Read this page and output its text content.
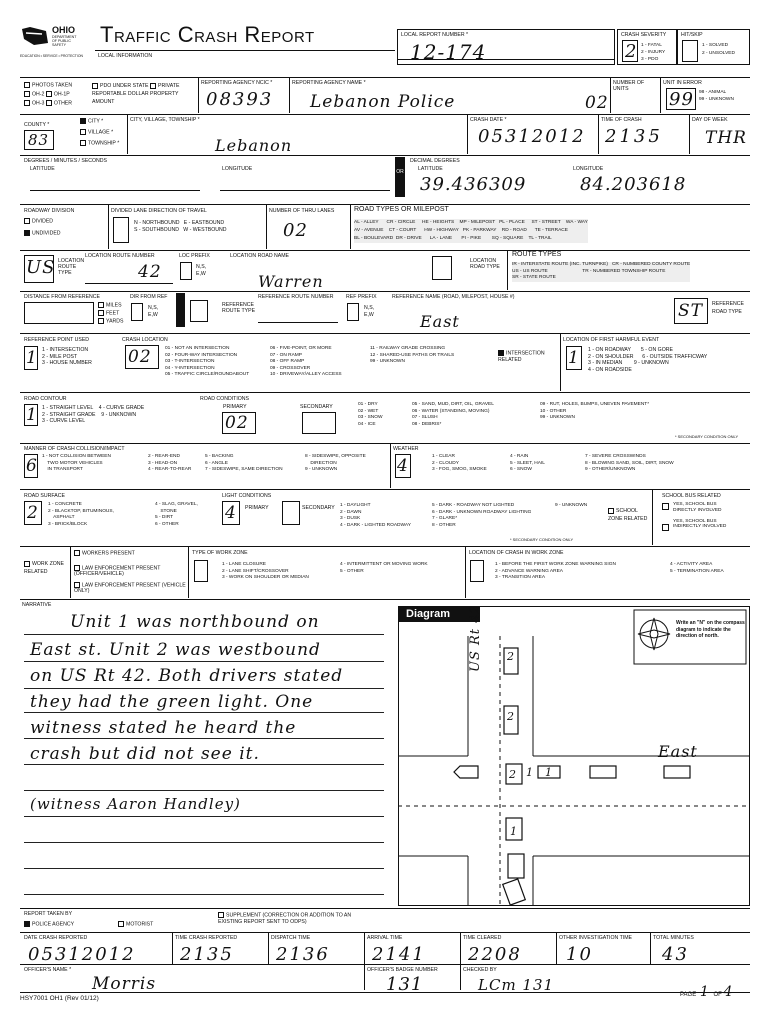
OHIO
DEPARTMENT OF PUBLIC SAFETY
EDUCATION • SERVICE • PROTECTION
Traffic Crash Report
LOCAL INFORMATION
LOCAL REPORT NUMBER *
12-174
CRASH SEVERITY
2 1 - FATAL
2 - INJURY
3 - PDO
HIT/SKIP
1 - SOLVED
2 - UNSOLVED
PHOTOS TAKEN
OH-2 OH-1P
OH-3 OTHER
PDO UNDER STATE REPORTABLE DOLLAR AMOUNT
PRIVATE PROPERTY
REPORTING AGENCY NCIC *
08393
REPORTING AGENCY NAME *
Lebanon Police
NUMBER OF UNITS
02
UNIT IN ERROR
99 98 - ANIMAL
99 - UNKNOWN
COUNTY *
83
CITY *
VILLAGE *
TOWNSHIP *
CITY, VILLAGE, TOWNSHIP *
Lebanon
CRASH DATE *
05312012
TIME OF CRASH
2135
DAY OF WEEK
THR
DEGREES / MINUTES / SECONDS
LATITUDE	LONGITUDE	OR
DECIMAL DEGREES
LATITUDE	LONGITUDE
39.436309	84.203618
ROADWAY DIVISION
DIVIDED
UNDIVIDED
DIVIDED LANE DIRECTION OF TRAVEL
N - NORTHBOUND   E - EASTBOUND
S - SOUTHBOUND   W - WESTBOUND
NUMBER OF THRU LANES
02
ROAD TYPES OR MILEPOST
AL - ALLEY      CR - CIRCLE     HE - HEIGHTS    MP - MILEPOST   PL - PLACE     ST - STREET    WA - WAY
AV - AVENUE    CT - COURT      HW - HIGHWAY   PK - PARKWAY    RD - ROAD      TE - TERRACE
BL - BOULEVARD  DR - DRIVE      LA - LANE       PI - PIKE        SQ - SQUARE    TL - TRAIL
US LOCATION ROUTE TYPE
LOCATION ROUTE NUMBER
42
LOC PREFIX
N,S,
E,W
LOCATION ROAD NAME
Warren
LOCATION ROAD TYPE
ROUTE TYPES
IR - INTERSTATE ROUTE (INC. TURNPIKE)   CR - NUMBERED COUNTY ROUTE
US - US ROUTE                          TR - NUMBERED TOWNSHIP ROUTE
SR - STATE ROUTE
DISTANCE FROM REFERENCE
MILES
FEET
YARDS
DIR FROM REF
N,S,
E,W
REFERENCE ROUTE TYPE
REFERENCE ROUTE NUMBER REF PREFIX
N,S,
E,W
REFERENCE NAME (ROAD, MILEPOST, HOUSE #)
East
ST REFERENCE ROAD TYPE
REFERENCE POINT USED
1 1 - INTERSECTION
2 - MILE POST
3 - HOUSE NUMBER
CRASH LOCATION
02	01 - NOT AN INTERSECTION
02 - FOUR-WAY INTERSECTION
03 - T-INTERSECTION
04 - Y-INTERSECTION
05 - TRAFFIC CIRCLE/ROUNDABOUT
06 - FIVE-POINT, OR MORE
07 - ON RAMP
08 - OFF RAMP
09 - CROSSOVER
10 - DRIVEWAY/ALLEY ACCESS
11 - RAILWAY GRADE CROSSING
12 - SHARED-USE PATHS OR TRAILS
99 - UNKNOWN
INTERSECTION RELATED
LOCATION OF FIRST HARMFUL EVENT
1 1 - ON ROADWAY       5 - ON GORE
2 - ON SHOULDER      6 - OUTSIDE TRAFFICWAY
3 - IN MEDIAN        9 - UNKNOWN
4 - ON ROADSIDE
ROAD CONTOUR
1 1 - STRAIGHT LEVEL    4 - CURVE GRADE
2 - STRAIGHT GRADE    9 - UNKNOWN
3 - CURVE LEVEL
ROAD CONDITIONS
PRIMARY	SECONDARY
02
01 - DRY
02 - WET
03 - SNOW
04 - ICE
05 - SAND, MUD, DIRT, OIL, GRAVEL
06 - WATER (STANDING, MOVING)
07 - SLUSH
08 - DEBRIS*
09 - RUT, HOLES, BUMPS, UNEVEN PAVEMENT*
10 - OTHER
99 - UNKNOWN
* SECONDARY CONDITION ONLY
MANNER OF CRASH COLLISION/IMPACT
6 1 - NOT COLLISION BETWEEN
TWO MOTOR VEHICLES
IN TRANSPORT
2 - REAR-END
3 - HEAD-ON
4 - REAR-TO-REAR
5 - BACKING
6 - ANGLE
7 - SIDESWIPE, SAME DIRECTION
8 - SIDESWIPE, OPPOSITE
DIRECTION
9 - UNKNOWN
WEATHER
4	1 - CLEAR
2 - CLOUDY
3 - FOG, SMOG, SMOKE
4 - RAIN
5 - SLEET, HAIL
6 - SNOW
7 - SEVERE CROSSWINDS
8 - BLOWING SAND, SOIL, DIRT, SNOW
9 - OTHER/UNKNOWN
ROAD SURFACE
2 1 - CONCRETE
2 - BLACKTOP, BITUMINOUS,
ASPHALT
3 - BRICK/BLOCK
4 - SLAG, GRAVEL,
STONE
5 - DIRT
6 - OTHER
LIGHT CONDITIONS
4 PRIMARY	SECONDARY 1 - DAYLIGHT
2 - DAWN
3 - DUSK
4 - DARK - LIGHTED ROADWAY
5 - DARK - ROADWAY NOT LIGHTED
6 - DARK - UNKNOWN ROADWAY LIGHTING
7 - GLARE*
8 - OTHER
9 - UNKNOWN
* SECONDARY CONDITION ONLY
SCHOOL ZONE RELATED
SCHOOL BUS RELATED
YES, SCHOOL BUS
DIRECTLY INVOLVED

YES, SCHOOL BUS
INDIRECTLY INVOLVED
WORK ZONE RELATED
WORKERS PRESENT
LAW ENFORCEMENT PRESENT (OFFICER/VEHICLE)
LAW ENFORCEMENT PRESENT (VEHICLE ONLY)
TYPE OF WORK ZONE
1 - LANE CLOSURE
2 - LANE SHIFT/CROSSOVER
3 - WORK ON SHOULDER OR MEDIAN
4 - INTERMITTENT OR MOVING WORK
5 - OTHER
LOCATION OF CRASH IN WORK ZONE
1 - BEFORE THE FIRST WORK ZONE WARNING SIGN
2 - ADVANCE WARNING AREA
3 - TRANSITION AREA
4 - ACTIVITY AREA
5 - TERMINATION AREA
NARRATIVE
Unit 1 was northbound on
East st. Unit 2 was westbound
on US Rt 42. Both drivers stated
they had the green light. One
witness stated he heard the
crash but did not see it.
(witness Aaron Handley)
Diagram
Write an "N" on the compass diagram to indicate the direction of north.
US Rt 42
East
2
2
2 1 1
1
REPORT TAKEN BY
POLICE AGENCY	MOTORIST
SUPPLEMENT (CORRECTION OR ADDITION TO AN EXISTING REPORT SENT TO ODPS)
DATE CRASH REPORTED
05312012
TIME CRASH REPORTED
2135
DISPATCH TIME
2136
ARRIVAL TIME
2141
TIME CLEARED
2208
OTHER INVESTIGATION TIME
10
TOTAL MINUTES
43
OFFICER'S NAME *
Morris
OFFICER'S BADGE NUMBER
131
CHECKED BY
LCm 131
PAGE 1 OF 4
HSY7001 OH1 (Rev 01/12)
